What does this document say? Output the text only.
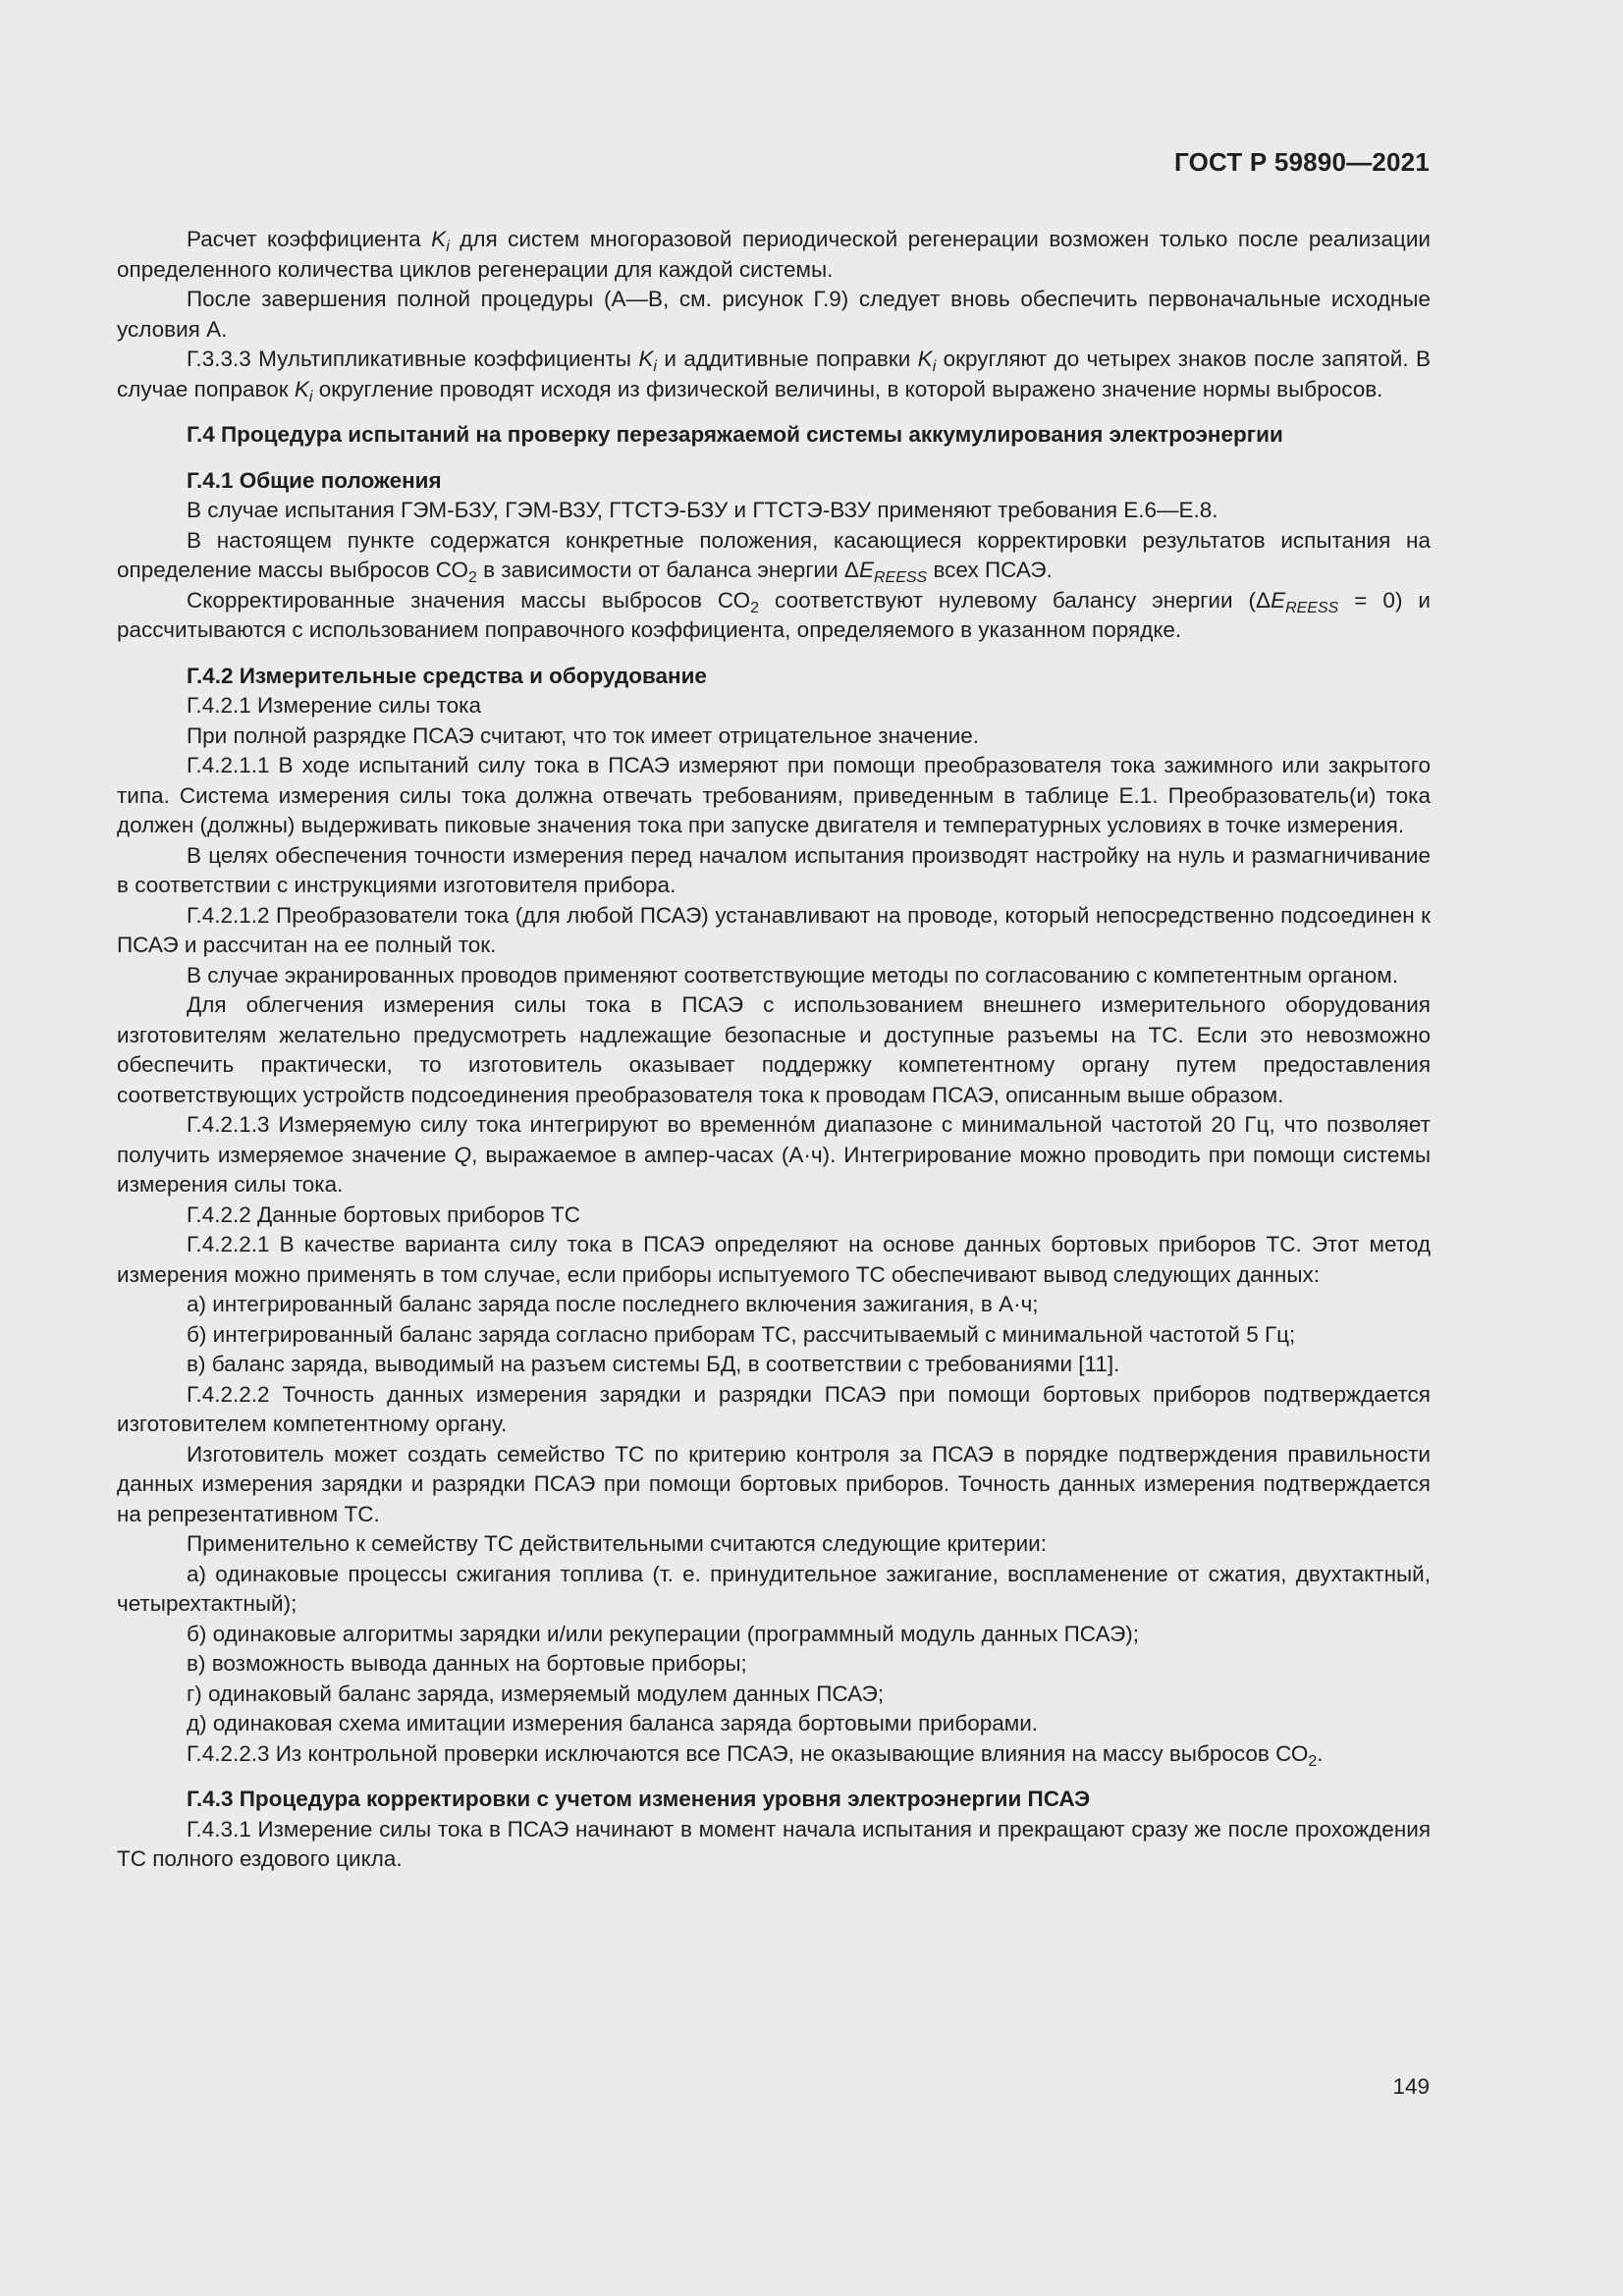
ГОСТ Р 59890—2021

Расчет коэффициента $K_i$ для систем многоразовой периодической регенерации возможен только после реализации определенного количества циклов регенерации для каждой системы.

После завершения полной процедуры (А—В, см. рисунок Г.9) следует вновь обеспечить первоначальные исходные условия А.

Г.3.3.3 Мультипликативные коэффициенты $K_i$ и аддитивные поправки $K_i$ округляют до четырех знаков после запятой. В случае поправок $K_i$ округление проводят исходя из физической величины, в которой выражено значение нормы выбросов.

Г.4 Процедура испытаний на проверку перезаряжаемой системы аккумулирования электроэнергии

Г.4.1 Общие положения

В случае испытания ГЭМ-БЗУ, ГЭМ-ВЗУ, ГТСТЭ-БЗУ и ГТСТЭ-ВЗУ применяют требования Е.6—Е.8.

В настоящем пункте содержатся конкретные положения, касающиеся корректировки результатов испытания на определение массы выбросов $СО_2$ в зависимости от баланса энергии $\Delta E_{REESS}$ всех ПСАЭ.

Скорректированные значения массы выбросов $СО_2$ соответствуют нулевому балансу энергии $(\Delta E_{REESS} = 0)$ и рассчитываются с использованием поправочного коэффициента, определяемого в указанном порядке.

Г.4.2 Измерительные средства и оборудование

Г.4.2.1 Измерение силы тока

При полной разрядке ПСАЭ считают, что ток имеет отрицательное значение.

Г.4.2.1.1 В ходе испытаний силу тока в ПСАЭ измеряют при помощи преобразователя тока зажимного или закрытого типа. Система измерения силы тока должна отвечать требованиям, приведенным в таблице Е.1. Преобразователь(и) тока должен (должны) выдерживать пиковые значения тока при запуске двигателя и температурных условиях в точке измерения.

В целях обеспечения точности измерения перед началом испытания производят настройку на нуль и размагничивание в соответствии с инструкциями изготовителя прибора.

Г.4.2.1.2 Преобразователи тока (для любой ПСАЭ) устанавливают на проводе, который непосредственно подсоединен к ПСАЭ и рассчитан на ее полный ток.

В случае экранированных проводов применяют соответствующие методы по согласованию с компетентным органом.

Для облегчения измерения силы тока в ПСАЭ с использованием внешнего измерительного оборудования изготовителям желательно предусмотреть надлежащие безопасные и доступные разъемы на ТС. Если это невозможно обеспечить практически, то изготовитель оказывает поддержку компетентному органу путем предоставления соответствующих устройств подсоединения преобразователя тока к проводам ПСАЭ, описанным выше образом.

Г.4.2.1.3 Измеряемую силу тока интегрируют во временно́м диапазоне с минимальной частотой 20 Гц, что позволяет получить измеряемое значение Q, выражаемое в ампер-часах (А·ч). Интегрирование можно проводить при помощи системы измерения силы тока.

Г.4.2.2 Данные бортовых приборов ТС

Г.4.2.2.1 В качестве варианта силу тока в ПСАЭ определяют на основе данных бортовых приборов ТС. Этот метод измерения можно применять в том случае, если приборы испытуемого ТС обеспечивают вывод следующих данных:

а) интегрированный баланс заряда после последнего включения зажигания, в А·ч;

б) интегрированный баланс заряда согласно приборам ТС, рассчитываемый с минимальной частотой 5 Гц;

в) баланс заряда, выводимый на разъем системы БД, в соответствии с требованиями [11].

Г.4.2.2.2 Точность данных измерения зарядки и разрядки ПСАЭ при помощи бортовых приборов подтверждается изготовителем компетентному органу.

Изготовитель может создать семейство ТС по критерию контроля за ПСАЭ в порядке подтверждения правильности данных измерения зарядки и разрядки ПСАЭ при помощи бортовых приборов. Точность данных измерения подтверждается на репрезентативном ТС.

Применительно к семейству ТС действительными считаются следующие критерии:

а) одинаковые процессы сжигания топлива (т. е. принудительное зажигание, воспламенение от сжатия, двухтактный, четырехтактный);

б) одинаковые алгоритмы зарядки и/или рекуперации (программный модуль данных ПСАЭ);

в) возможность вывода данных на бортовые приборы;

г) одинаковый баланс заряда, измеряемый модулем данных ПСАЭ;

д) одинаковая схема имитации измерения баланса заряда бортовыми приборами.

Г.4.2.2.3 Из контрольной проверки исключаются все ПСАЭ, не оказывающие влияния на массу выбросов $СО_2$.

Г.4.3 Процедура корректировки с учетом изменения уровня электроэнергии ПСАЭ

Г.4.3.1 Измерение силы тока в ПСАЭ начинают в момент начала испытания и прекращают сразу же после прохождения ТС полного ездового цикла.

149
